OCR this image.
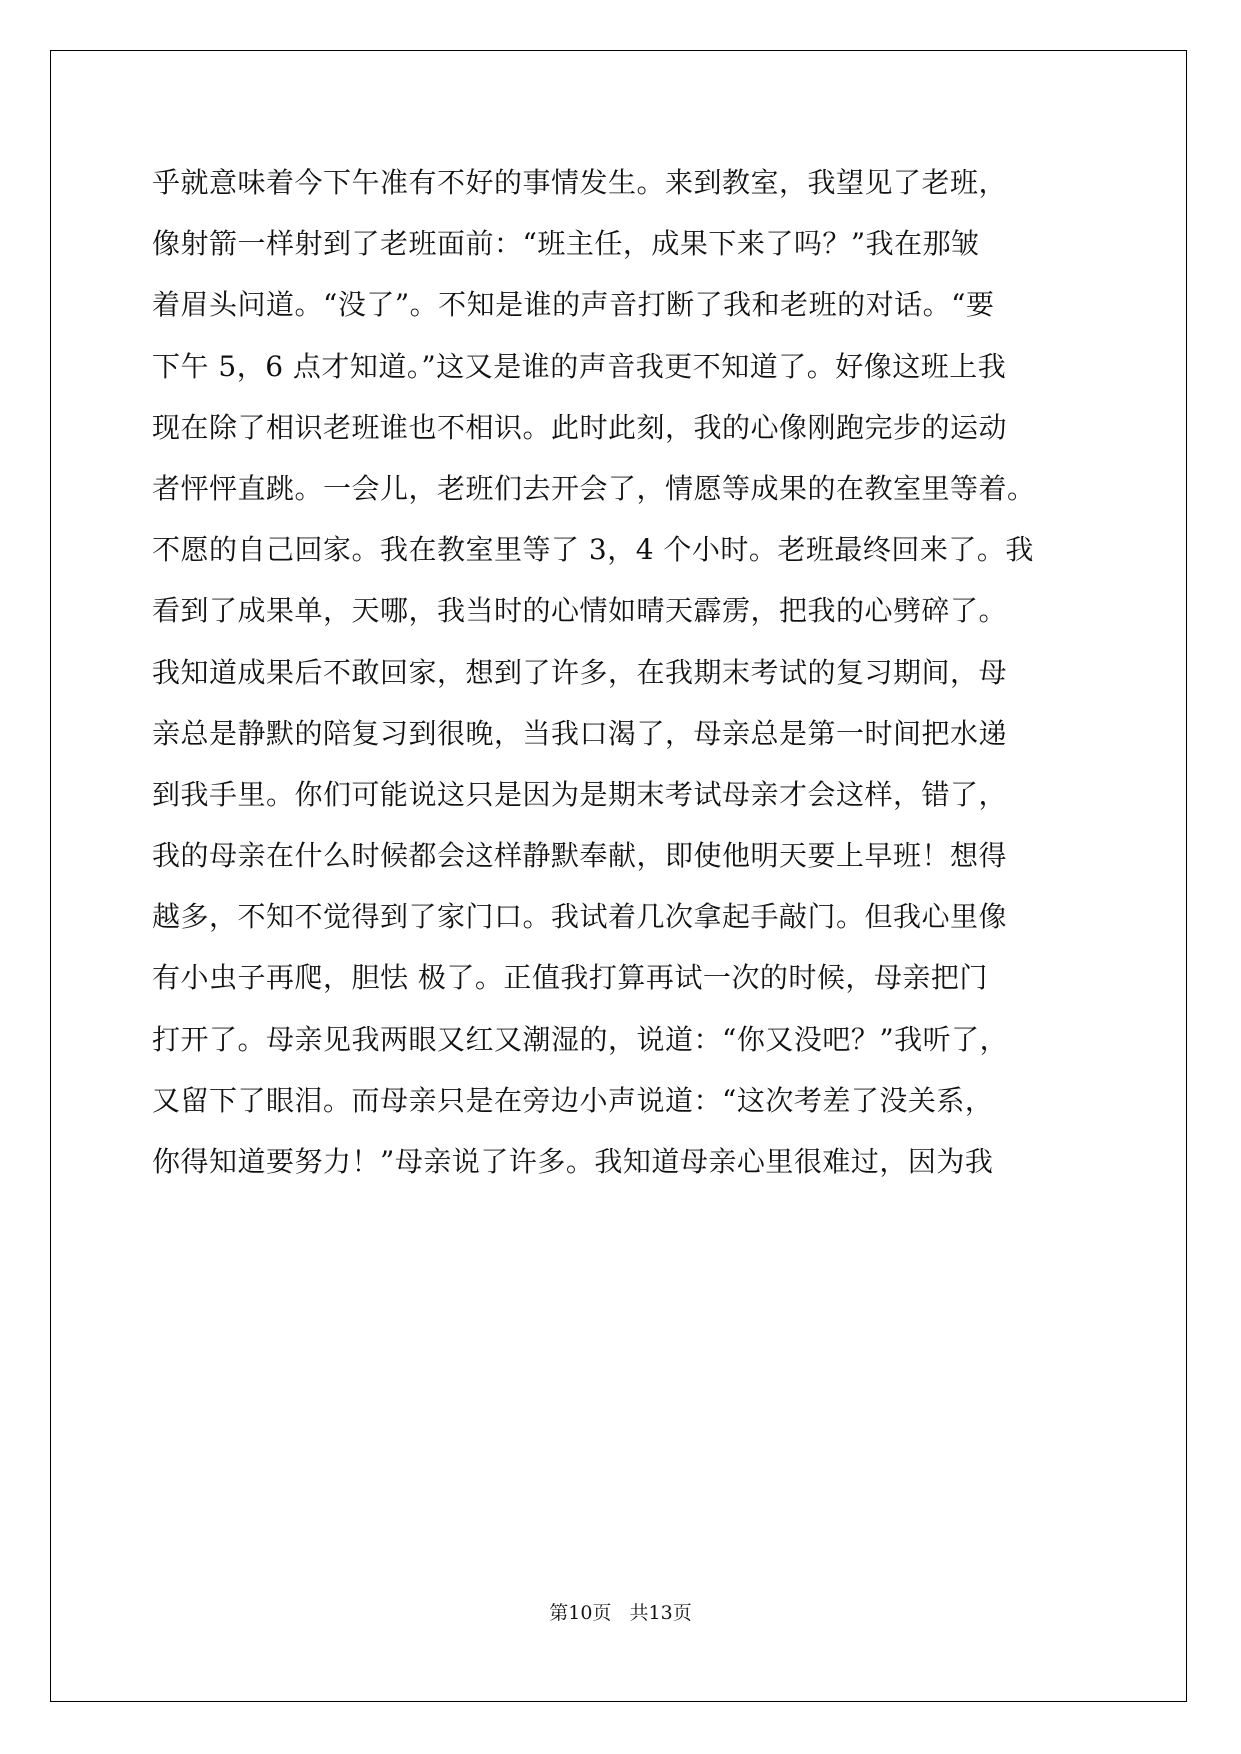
乎就意味着今下午准有不好的事情发生。来到教室，我望见了老班，
像射箭一样射到了老班面前：“班主任，成果下来了吗？”我在那皱
着眉头问道。“没了”。不知是谁的声音打断了我和老班的对话。“要
下午 5，6 点才知道。”这又是谁的声音我更不知道了。好像这班上我
现在除了相识老班谁也不相识。此时此刻，我的心像刚跑完步的运动
者怦怦直跳。一会儿，老班们去开会了，情愿等成果的在教室里等着。
不愿的自己回家。我在教室里等了 3，4 个小时。老班最终回来了。我
看到了成果单，天哪，我当时的心情如晴天霹雳，把我的心劈碎了。
我知道成果后不敢回家，想到了许多，在我期末考试的复习期间，母
亲总是静默的陪复习到很晚，当我口渴了，母亲总是第一时间把水递
到我手里。你们可能说这只是因为是期末考试母亲才会这样，错了，
我的母亲在什么时候都会这样静默奉献，即使他明天要上早班！想得
越多，不知不觉得到了家门口。我试着几次拿起手敲门。但我心里像
有小虫子再爬，胆怯 极了。正值我打算再试一次的时候，母亲把门
打开了。母亲见我两眼又红又潮湿的，说道：“你又没吧？”我听了，
又留下了眼泪。而母亲只是在旁边小声说道：“这次考差了没关系，
你得知道要努力！”母亲说了许多。我知道母亲心里很难过，因为我
第10页   共13页
